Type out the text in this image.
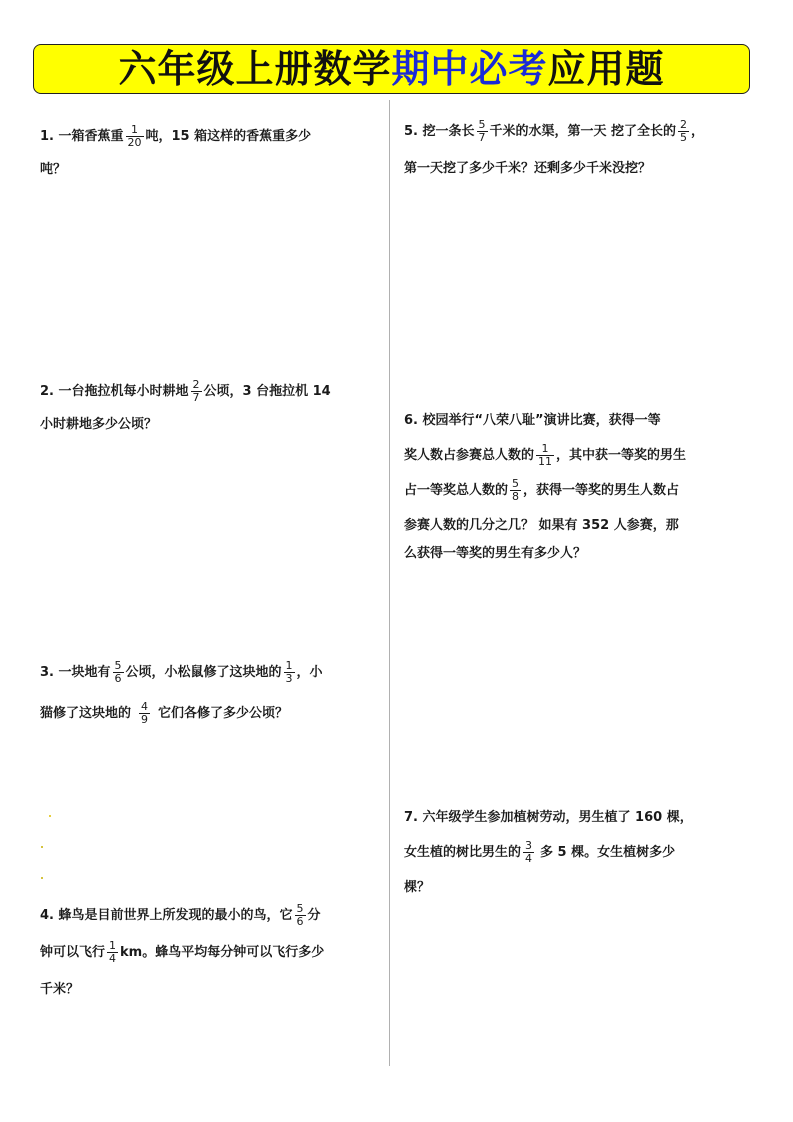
六年级上册数学期中必考应用题
1. 一箱香蕉重 $\frac{1}{20}$ 吨，15 箱这样的香蕉重多少
吨？
2. 一台拖拉机每小时耕地 $\frac{2}{7}$ 公顷，3 台拖拉机 14
小时耕地多少公顷？
3. 一块地有 $\frac{5}{6}$ 公顷，小松鼠修了这块地的 $\frac{1}{3}$ ，小
猫修了这块地的 $\frac{4}{9}$ 它们各修了多少公顷？
4. 蜂鸟是目前世界上所发现的最小的鸟，它 $\frac{5}{6}$ 分
钟可以飞行 $\frac{1}{4}$ km。蜂鸟平均每分钟可以飞行多少
千米？
5. 挖一条长 $\frac{5}{7}$ 千米的水渠，第一天 挖了全长的 $\frac{2}{5}$ ，
第一天挖了多少千米？还剩多少千米没挖？
6. 校园举行“八荣八耻”演讲比赛，获得一等
奖人数占参赛总人数的 $\frac{1}{11}$ ，其中获一等奖的男生
占一等奖总人数的 $\frac{5}{8}$ ，获得一等奖的男生人数占
参赛人数的几分之几？ 如果有 352 人参赛，那
么获得一等奖的男生有多少人？
7. 六年级学生参加植树劳动，男生植了 160 棵，
女生植的树比男生的 $\frac{3}{4}$ 多 5 棵。女生植树多少
棵？
